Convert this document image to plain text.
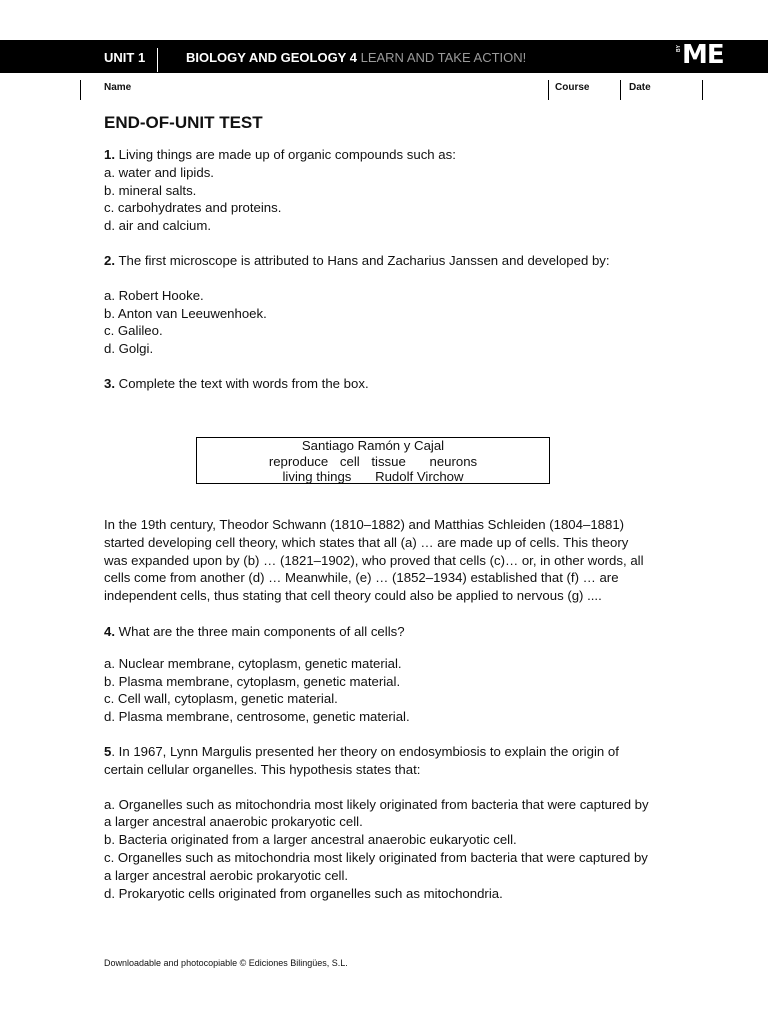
UNIT 1	BIOLOGY AND GEOLOGY 4 LEARN AND TAKE ACTION!
BY ME
Name	Course	Date
END-OF-UNIT TEST

1. Living things are made up of organic compounds such as:

a. water and lipids.

b. mineral salts.

c. carbohydrates and proteins.

d. air and calcium.

2. The first microscope is attributed to Hans and Zacharius Janssen and developed by:

a. Robert Hooke.

b. Anton van Leeuwenhoek.

c. Galileo.

d. Golgi.

3. Complete the text with words from the box.

Santiago Ramón y Cajal
reproduce cell tissue neurons
living things Rudolf Virchow

In the 19th century, Theodor Schwann (1810–1882) and Matthias Schleiden (1804–1881)

started developing cell theory, which states that all (a) … are made up of cells. This theory

was expanded upon by (b) … (1821–1902), who proved that cells (c)… or, in other words, all

cells come from another (d) … Meanwhile, (e) … (1852–1934) established that (f) … are

independent cells, thus stating that cell theory could also be applied to nervous (g) ....

4. What are the three main components of all cells?

a. Nuclear membrane, cytoplasm, genetic material.

b. Plasma membrane, cytoplasm, genetic material.

c. Cell wall, cytoplasm, genetic material.

d. Plasma membrane, centrosome, genetic material.

5. In 1967, Lynn Margulis presented her theory on endosymbiosis to explain the origin of

certain cellular organelles. This hypothesis states that:

a. Organelles such as mitochondria most likely originated from bacteria that were captured by

a larger ancestral anaerobic prokaryotic cell.

b. Bacteria originated from a larger ancestral anaerobic eukaryotic cell.

c. Organelles such as mitochondria most likely originated from bacteria that were captured by

a larger ancestral aerobic prokaryotic cell.

d. Prokaryotic cells originated from organelles such as mitochondria.

Downloadable and photocopiable © Ediciones Bilingües, S.L.
